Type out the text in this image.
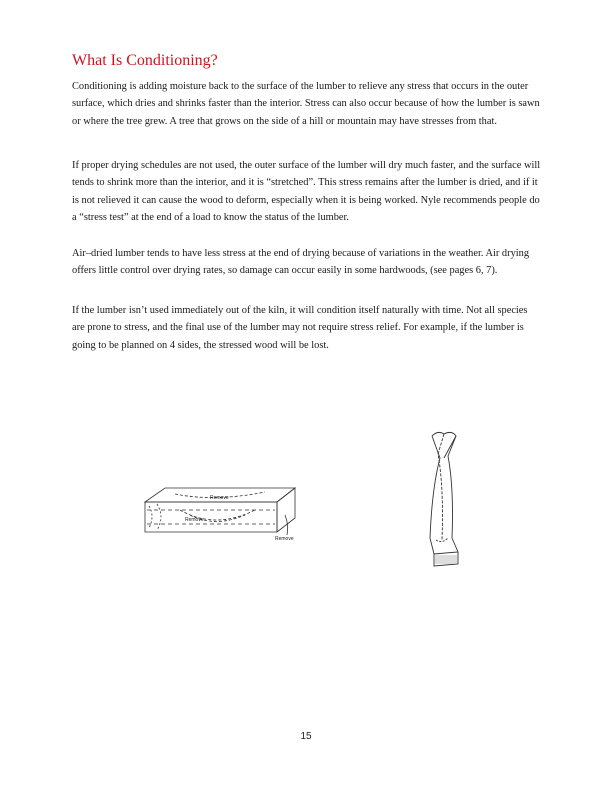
What Is Conditioning?

Conditioning is adding moisture back to the surface of the lumber to relieve any stress that occurs in the outer surface, which dries and shrinks faster than the interior. Stress can also occur because of how the lumber is sawn or where the tree grew. A tree that grows on the side of a hill or mountain may have stresses from that.

If proper drying schedules are not used, the outer surface of the lumber will dry much faster, and the surface will tends to shrink more than the interior, and it is “stretched”. This stress remains after the lumber is dried, and if it is not relieved it can cause the wood to deform, especially when it is being worked. Nyle recommends people do a “stress test” at the end of a load to know the status of the lumber.

Air–dried lumber tends to have less stress at the end of drying because of variations in the weather. Air drying offers little control over drying rates, so damage can occur easily in some hardwoods, (see pages 6, 7).

If the lumber isn’t used immediately out of the kiln, it will condition itself naturally with time. Not all species are prone to stress, and the final use of the lumber may not require stress relief. For example, if the lumber is going to be planned on 4 sides, the stressed wood will be lost.

Remove
Remove
Remove
15
